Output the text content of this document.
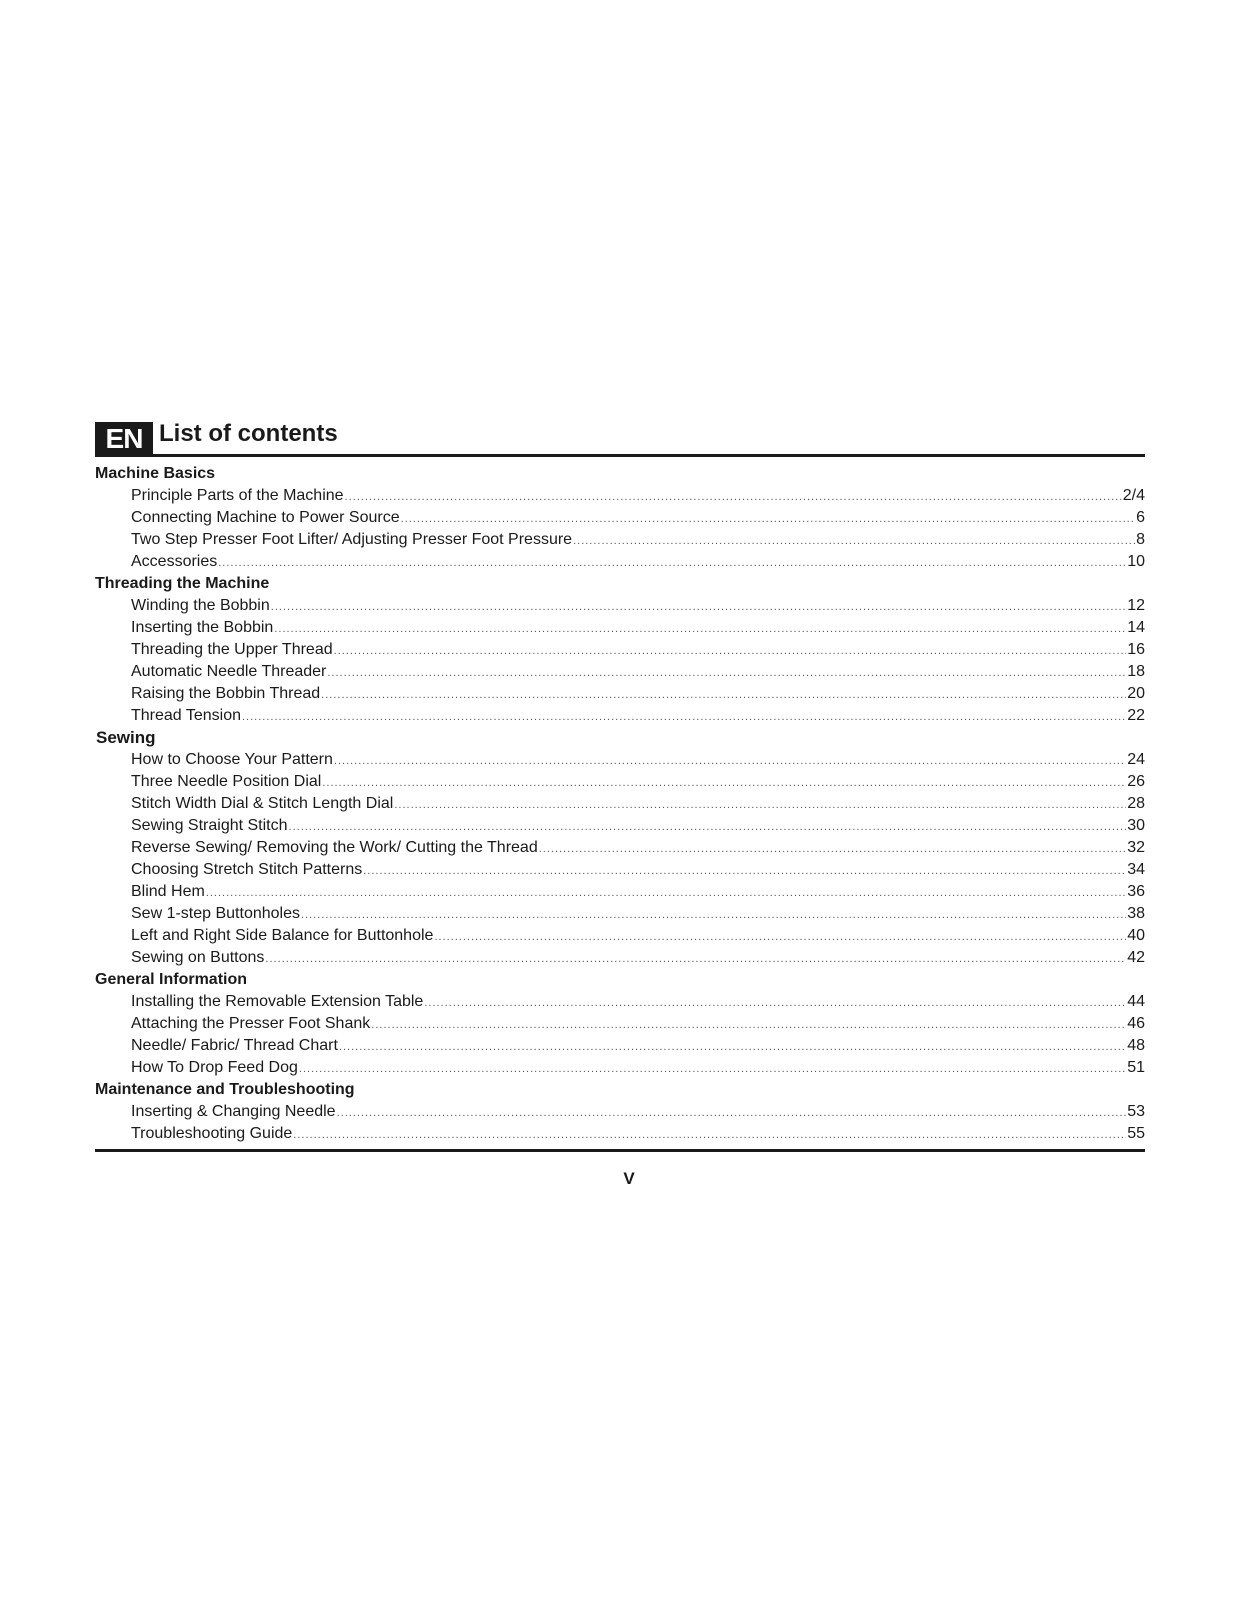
EN List of contents
Machine Basics
Principle Parts of the Machine .....	2/4
Connecting Machine to Power Source .....	6
Two Step Presser Foot Lifter/ Adjusting Presser Foot Pressure .....	8
Accessories .....	10
Threading the Machine
Winding the Bobbin .....	12
Inserting the Bobbin .....	14
Threading the Upper Thread .....	16
Automatic Needle Threader .....	18
Raising the Bobbin Thread .....	20
Thread Tension .....	22
Sewing
How to Choose Your Pattern .....	24
Three Needle Position Dial .....	26
Stitch Width Dial & Stitch Length Dial .....	28
Sewing Straight Stitch .....	30
Reverse Sewing/ Removing the Work/ Cutting the Thread .....	32
Choosing Stretch Stitch Patterns .....	34
Blind Hem .....	36
Sew 1-step Buttonholes .....	38
Left and Right Side Balance for Buttonhole .....	40
Sewing on Buttons .....	42
General Information
Installing the Removable Extension Table .....	44
Attaching the Presser Foot Shank .....	46
Needle/ Fabric/ Thread Chart .....	48
How To Drop Feed Dog .....	51
Maintenance and Troubleshooting
Inserting & Changing Needle .....	53
Troubleshooting Guide .....	55
V
